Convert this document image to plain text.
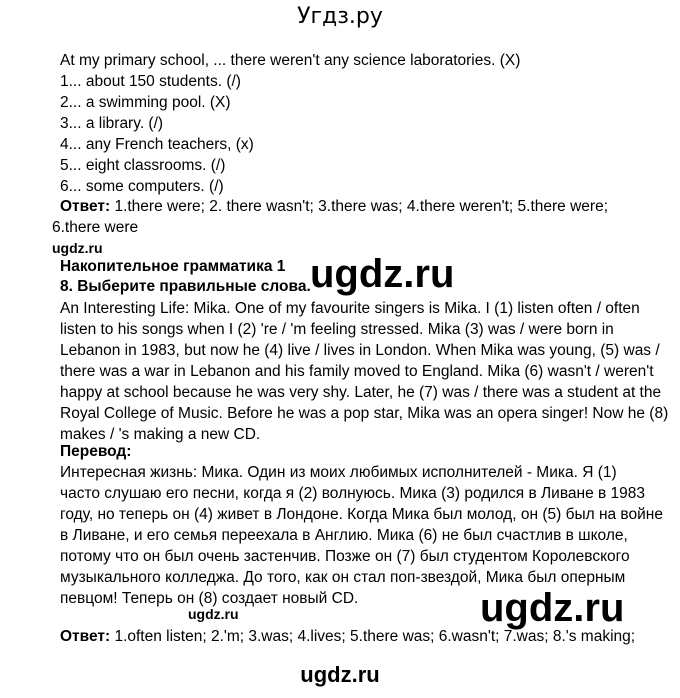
Угдз.ру
At my primary school, ... there weren't any science laboratories. (X)
1... about 150 students. (/)
2... a swimming pool. (X)
3... a library. (/)
4... any French teachers, (x)
5... eight classrooms. (/)
6... some computers. (/)
Ответ: 1.there were; 2. there wasn't; 3.there was; 4.there weren't; 5.there were;
6.there were
ugdz.ru
Накопительное грамматика 1 ugdz.ru
8. Выберите правильные слова.
An Interesting Life: Mika. One of my favourite singers is Mika. I (1) listen often / often
listen to his songs when I (2) 're / 'm feeling stressed. Mika (3) was / were born in
Lebanon in 1983, but now he (4) live / lives in London. When Mika was young, (5) was /
there was a war in Lebanon and his family moved to England. Mika (6) wasn't / weren't
happy at school because he was very shy. Later, he (7) was / there was a student at the
Royal College of Music. Before he was a pop star, Mika was an opera singer! Now he (8)
makes / 's making a new CD.
Перевод:
Интересная жизнь: Мика. Один из моих любимых исполнителей - Мика. Я (1)
часто слушаю его песни, когда я (2) волнуюсь. Мика (3) родился в Ливане в 1983
году, но теперь он (4) живет в Лондоне. Когда Мика был молод, он (5) был на войне
в Ливане, и его семья переехала в Англию. Мика (6) не был счастлив в школе,
потому что он был очень застенчив. Позже он (7) был студентом Королевского
музыкального колледжа. До того, как он стал поп-звездой, Мика был оперным
певцом! Теперь он (8) создает новый CD.
ugdz.ru	ugdz.ru
Ответ: 1.often listen; 2.'m; 3.was; 4.lives; 5.there was; 6.wasn't; 7.was; 8.'s making;
ugdz.ru
